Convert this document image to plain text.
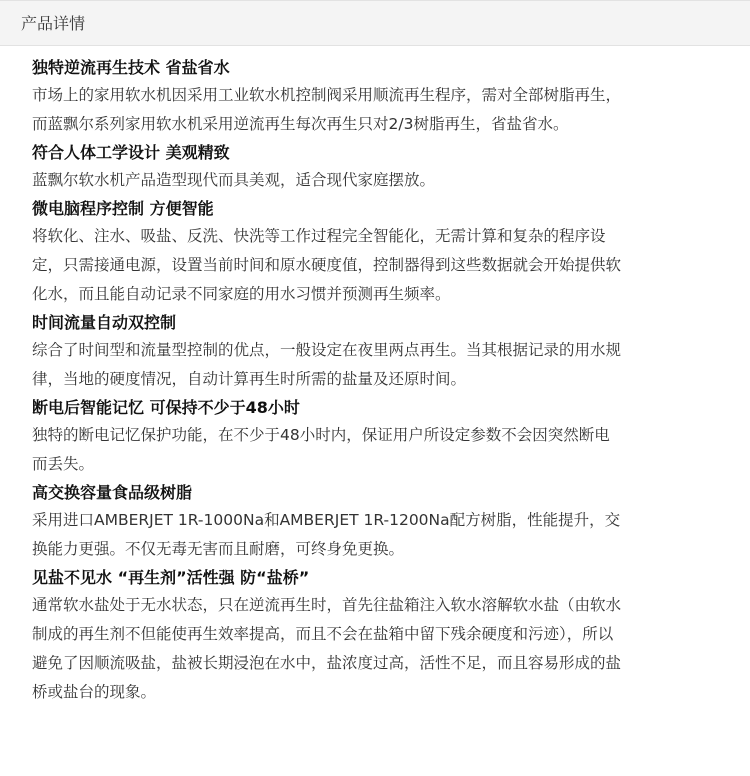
产品详情

独特逆流再生技术 省盐省水

市场上的家用软水机因采用工业软水机控制阀采用顺流再生程序，需对全部树脂再生，而蓝飘尔系列家用软水机采用逆流再生每次再生只对2/3树脂再生，省盐省水。

符合人体工学设计 美观精致

蓝飘尔软水机产品造型现代而具美观，适合现代家庭摆放。

微电脑程序控制 方便智能

将软化、注水、吸盐、反洗、快洗等工作过程完全智能化，无需计算和复杂的程序设定，只需接通电源，设置当前时间和原水硬度值，控制器得到这些数据就会开始提供软化水，而且能自动记录不同家庭的用水习惯并预测再生频率。

时间流量自动双控制

综合了时间型和流量型控制的优点，一般设定在夜里两点再生。当其根据记录的用水规律，当地的硬度情况，自动计算再生时所需的盐量及还原时间。

断电后智能记忆 可保持不少于48小时

独特的断电记忆保护功能，在不少于48小时内，保证用户所设定参数不会因突然断电而丢失。

高交换容量食品级树脂

采用进口AMBERJET 1R-1000Na和AMBERJET 1R-1200Na配方树脂，性能提升，交换能力更强。不仅无毒无害而且耐磨，可终身免更换。

见盐不见水 “再生剂”活性强 防“盐桥”

通常软水盐处于无水状态，只在逆流再生时，首先往盐箱注入软水溶解软水盐（由软水制成的再生剂不但能使再生效率提高，而且不会在盐箱中留下残余硬度和污迹），所以避免了因顺流吸盐，盐被长期浸泡在水中，盐浓度过高，活性不足，而且容易形成的盐桥或盐台的现象。
